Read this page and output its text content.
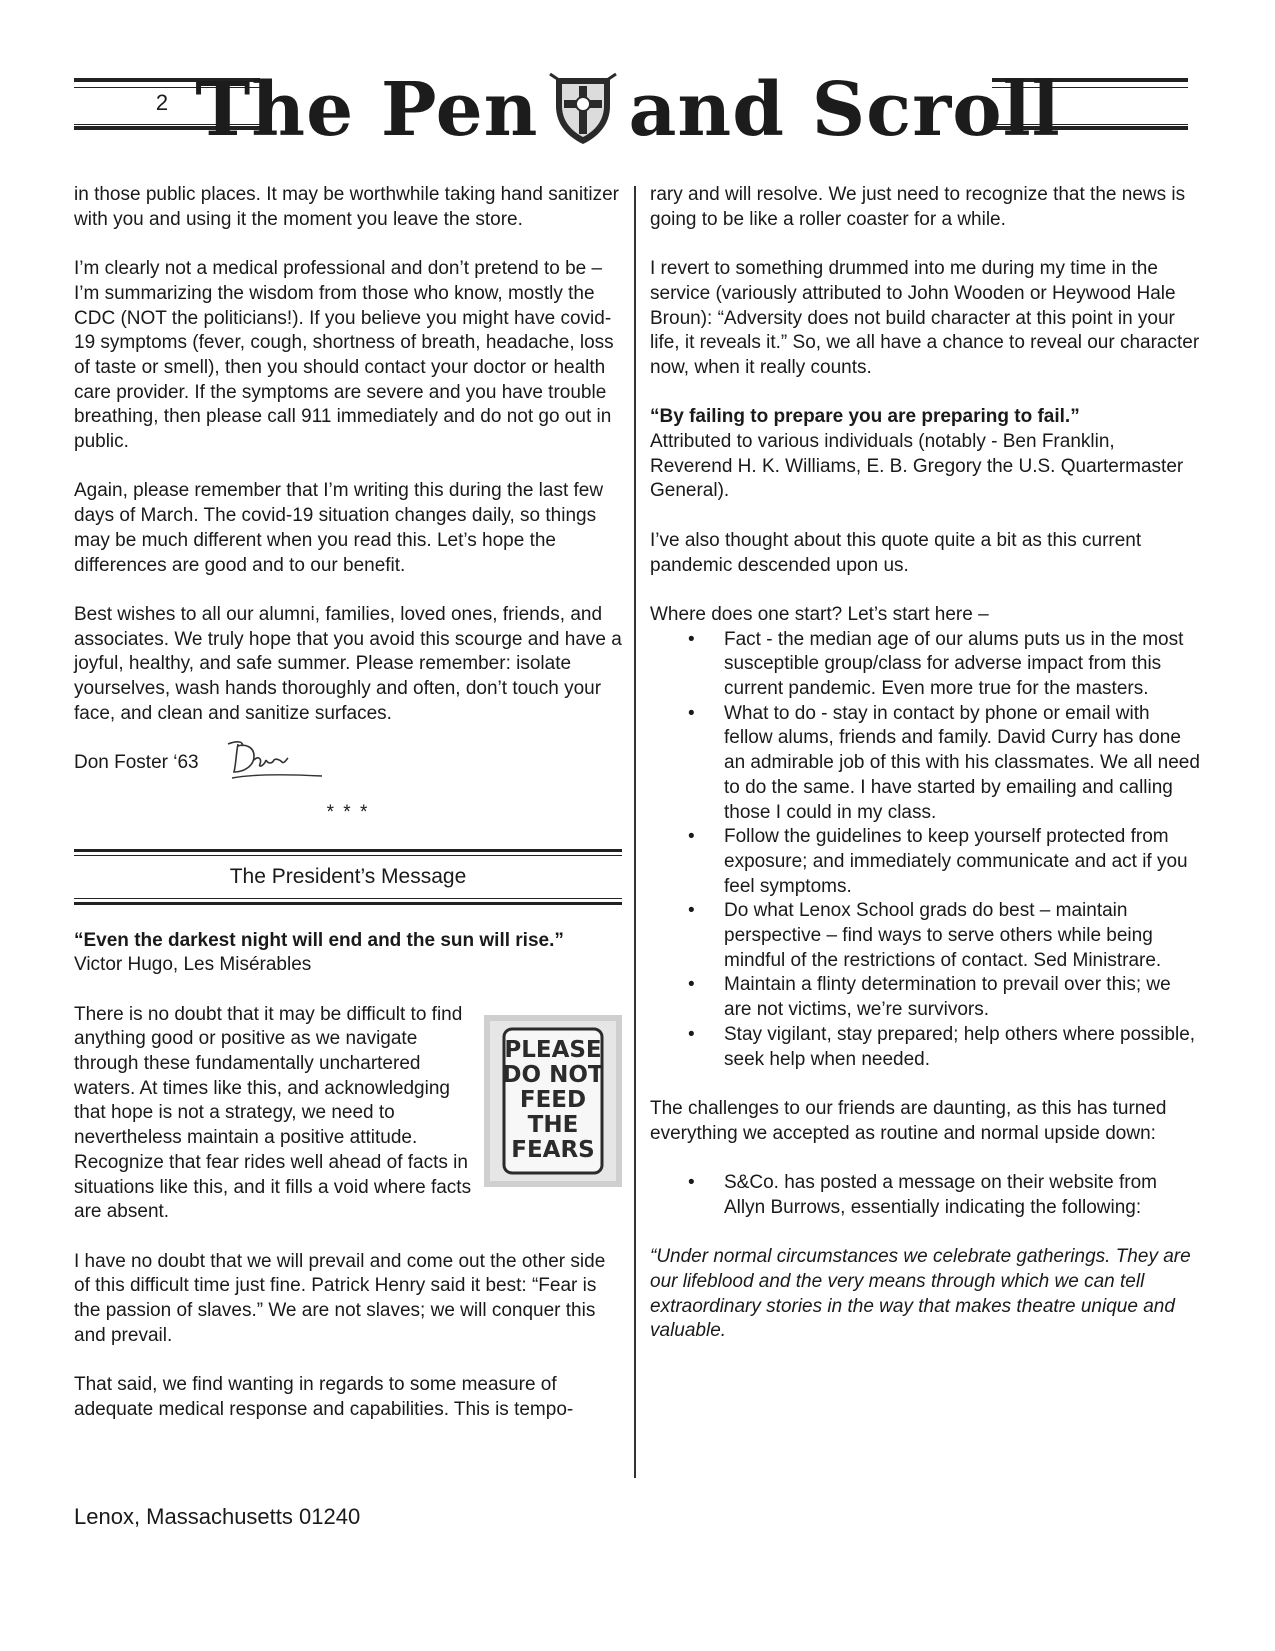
2 The Pen and Scroll

in those public places. It may be worthwhile taking hand sanitizer with you and using it the moment you leave the store.

I’m clearly not a medical professional and don’t pretend to be – I’m summarizing the wisdom from those who know, mostly the CDC (NOT the politicians!). If you believe you might have covid-19 symptoms (fever, cough, shortness of breath, headache, loss of taste or smell), then you should contact your doctor or health care provider. If the symptoms are severe and you have trouble breathing, then please call 911 immediately and do not go out in public.

Again, please remember that I’m writing this during the last few days of March. The covid-19 situation changes daily, so things may be much different when you read this. Let’s hope the differences are good and to our benefit.

Best wishes to all our alumni, families, loved ones, friends, and associates. We truly hope that you avoid this scourge and have a joyful, healthy, and safe summer. Please remember: isolate yourselves, wash hands thoroughly and often, don’t touch your face, and clean and sanitize surfaces.

Don Foster ‘63

* * *

The President’s Message

“Even the darkest night will end and the sun will rise.”
Victor Hugo, Les Misérables

PLEASE
DO NOT
FEED
THE
FEARS

There is no doubt that it may be difficult to find anything good or positive as we navigate through these fundamentally unchartered waters. At times like this, and acknowledging that hope is not a strategy, we need to nevertheless maintain a positive attitude. Recognize that fear rides well ahead of facts in situations like this, and it fills a void where facts are absent.

I have no doubt that we will prevail and come out the other side of this difficult time just fine. Patrick Henry said it best: “Fear is the passion of slaves.” We are not slaves; we will conquer this and prevail.

That said, we find wanting in regards to some measure of adequate medical response and capabilities. This is tempo-

rary and will resolve. We just need to recognize that the news is going to be like a roller coaster for a while.

I revert to something drummed into me during my time in the service (variously attributed to John Wooden or Heywood Hale Broun): “Adversity does not build character at this point in your life, it reveals it.” So, we all have a chance to reveal our character now, when it really counts.

“By failing to prepare you are preparing to fail.”
Attributed to various individuals (notably - Ben Franklin, Reverend H. K. Williams, E. B. Gregory the U.S. Quartermaster General).

I’ve also thought about this quote quite a bit as this current pandemic descended upon us.

Where does one start? Let’s start here –
• Fact - the median age of our alums puts us in the most susceptible group/class for adverse impact from this current pandemic. Even more true for the masters.
• What to do - stay in contact by phone or email with fellow alums, friends and family. David Curry has done an admirable job of this with his classmates. We all need to do the same. I have started by emailing and calling those I could in my class.
• Follow the guidelines to keep yourself protected from exposure; and immediately communicate and act if you feel symptoms.
• Do what Lenox School grads do best – maintain perspective – find ways to serve others while being mindful of the restrictions of contact. Sed Ministrare.
• Maintain a flinty determination to prevail over this; we are not victims, we’re survivors.
• Stay vigilant, stay prepared; help others where possible, seek help when needed.

The challenges to our friends are daunting, as this has turned everything we accepted as routine and normal upside down:

• S&Co. has posted a message on their website from Allyn Burrows, essentially indicating the following:

“Under normal circumstances we celebrate gatherings. They are our lifeblood and the very means through which we can tell extraordinary stories in the way that makes theatre unique and valuable.

Lenox, Massachusetts 01240
